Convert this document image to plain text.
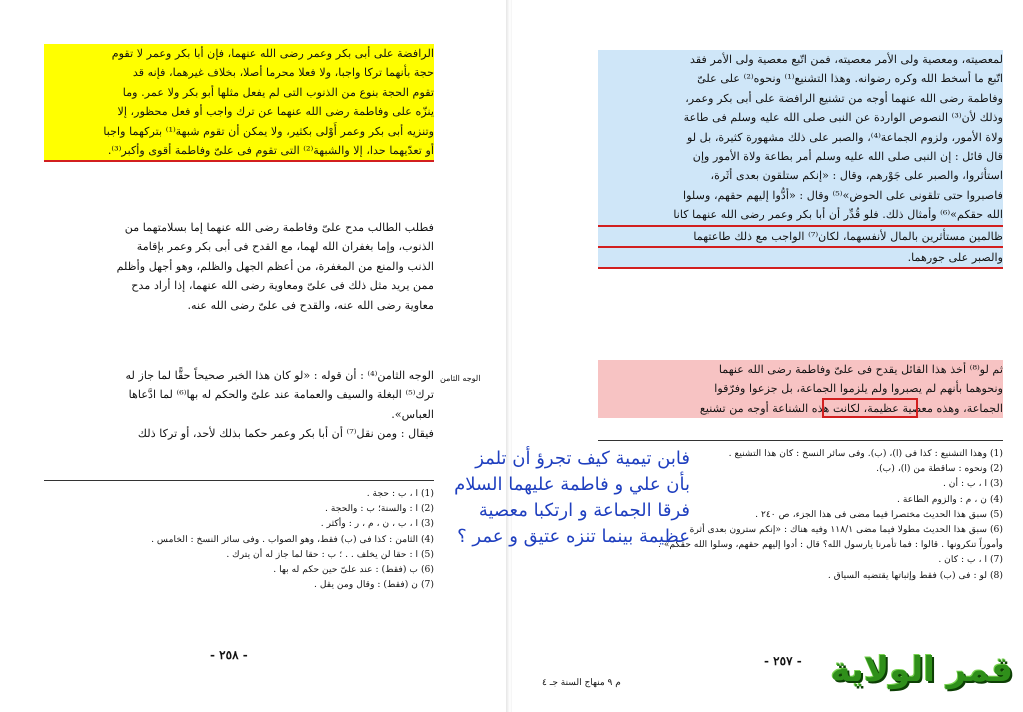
الرافضة على أبى بكر وعمر رضى الله عنهما، فإن أبا بكر وعمر لا تقوم
حجة بأنهما تركا واجبا، ولا فعلا محرما أصلا، بخلاف غيرهما، فإنه قد
تقوم الحجة بنوع من الذنوب التى لم يفعل مثلها أبو بكر ولا عمر. وما
ينزّه على وفاطمة رضى الله عنهما عن ترك واجب أو فعل محظور، إلا
وتنزيه أبى بكر وعمر أَوْلى بكثير، ولا يمكن أن تقوم شبهة⁽¹⁾ بتركهما واجبا
أو تعدّيهما حدا، إلا والشبهة⁽²⁾ التى تقوم فى علىّ وفاطمة أقوى وأكبر⁽³⁾.
فطلب الطالب مدح علىّ وفاطمة رضى الله عنهما إما بسلامتهما من
الذنوب، وإما بغفران الله لهما، مع القدح فى أبى بكر وعمر بإقامة
الذنب والمنع من المغفرة، من أعظم الجهل والظلم، وهو أجهل وأظلم
ممن يريد مثل ذلك فى علىّ ومعاوية رضى الله عنهما، إذا أراد مدح
معاوية رضى الله عنه، والقدح فى علىّ رضى الله عنه.
الوجه الثامن
الوجه الثامن⁽⁴⁾ : أن قوله : «لو كان هذا الخبر صحيحاً حقًّا لما جاز له
ترك⁽⁵⁾ البغلة والسيف والعمامة عند علىّ والحكم له بها⁽⁶⁾ لما ادَّعاها
العباس».
فيقال : ومن نقل⁽⁷⁾ أن أبا بكر وعمر حكما بذلك لأحد، أو تركا ذلك
(1) ا ، ب : حجة .
(2) ا : والسنة؛ ب : والحجة .
(3) ا ، ب ، ن ، م ، ر : وأكثر .
(4) الثامن : كذا فى (ب) فقط، وهو الصواب . وفى سائر النسخ : الخامس .
(5) ا : حقا لن يخلف . . ؛ ب : حقا لما جاز له أن يترك .
(6) ب (فقط) : عند علىّ حين حكم له بها .
(7) ن (فقط) : وقال ومن يقل .
- ٢٥٨ -
لمعصيته، ومعصية ولى الأمر معصيته، فمن اتّبع معصية ولى الأمر فقد
اتّبع ما أسخط الله وكره رضوانه. وهذا التشنيع⁽¹⁾ ونحوه⁽²⁾ على علىّ
وفاطمة رضى الله عنهما أوجه من تشنيع الرافضة على أبى بكر وعمر،
وذلك لأن⁽³⁾ النصوص الواردة عن النبى صلى الله عليه وسلم فى طاعة
ولاة الأمور، ولزوم الجماعة⁽⁴⁾، والصبر على ذلك مشهورة كثيرة، بل لو
قال قائل : إن النبى صلى الله عليه وسلم أمر بطاعة ولاة الأمور وإن
استأثروا، والصبر على جَوْرهم، وقال : «إنكم ستلقون بعدى أثَرة،
فاصبروا حتى تلقونى على الحوض»⁽⁵⁾ وقال : «أدُّوا إليهم حقهم، وسلوا
الله حقكم»⁽⁶⁾ وأمثال ذلك. فلو قُدِّر أن أبا بكر وعمر رضى الله عنهما كانا
ظالمين مستأثرين بالمال لأنفسهما، لكان⁽⁷⁾ الواجب مع ذلك طاعتهما
والصبر على جورهما.
ثم لو⁽⁸⁾ أخذ هذا القائل يقدح فى علىّ وفاطمة رضى الله عنهما
ونحوهما بأنهم لم يصبروا ولم يلزموا الجماعة، بل جزعوا وفرّقوا
الجماعة، وهذه معصية عظيمة، لكانت هذه الشناعة أوجه من تشنيع
(1) وهذا التشنيع : كذا فى (ا)، (ب). وفى سائر النسخ : كان هذا التشنيع .
(2) ونحوه : ساقطة من (ا)، (ب).
(3) ا ، ب : أن .
(4) ن ، م : والزوم الطاعة .
(5) سبق هذا الحديث مختصرا فيما مضى فى هذا الجزء، ص ٢٤٠ .
(6) سبق هذا الحديث مطولا فيما مضى ١١٨/١ وفيه هناك : «إنكم سترون بعدى أثرة
وأموراً تنكرونها . قالوا : فما تأمرنا يارسول الله؟ قال : أدوا إليهم حقهم، وسلوا الله حقكم» .
(7) ا ، ب : كان .
(8) لو : فى (ب) فقط وإثباتها يقتضيه السياق .
- ٢٥٧ -
م ٩ منهاج السنة جـ ٤
فابن تيمية كيف تجرؤ أن تلمز
بأن علي و فاطمة عليهما السلام
فرقا الجماعة و ارتكبا معصية
عظيمة بينما تنزه عتيق و عمر ؟
قمر الولاية
